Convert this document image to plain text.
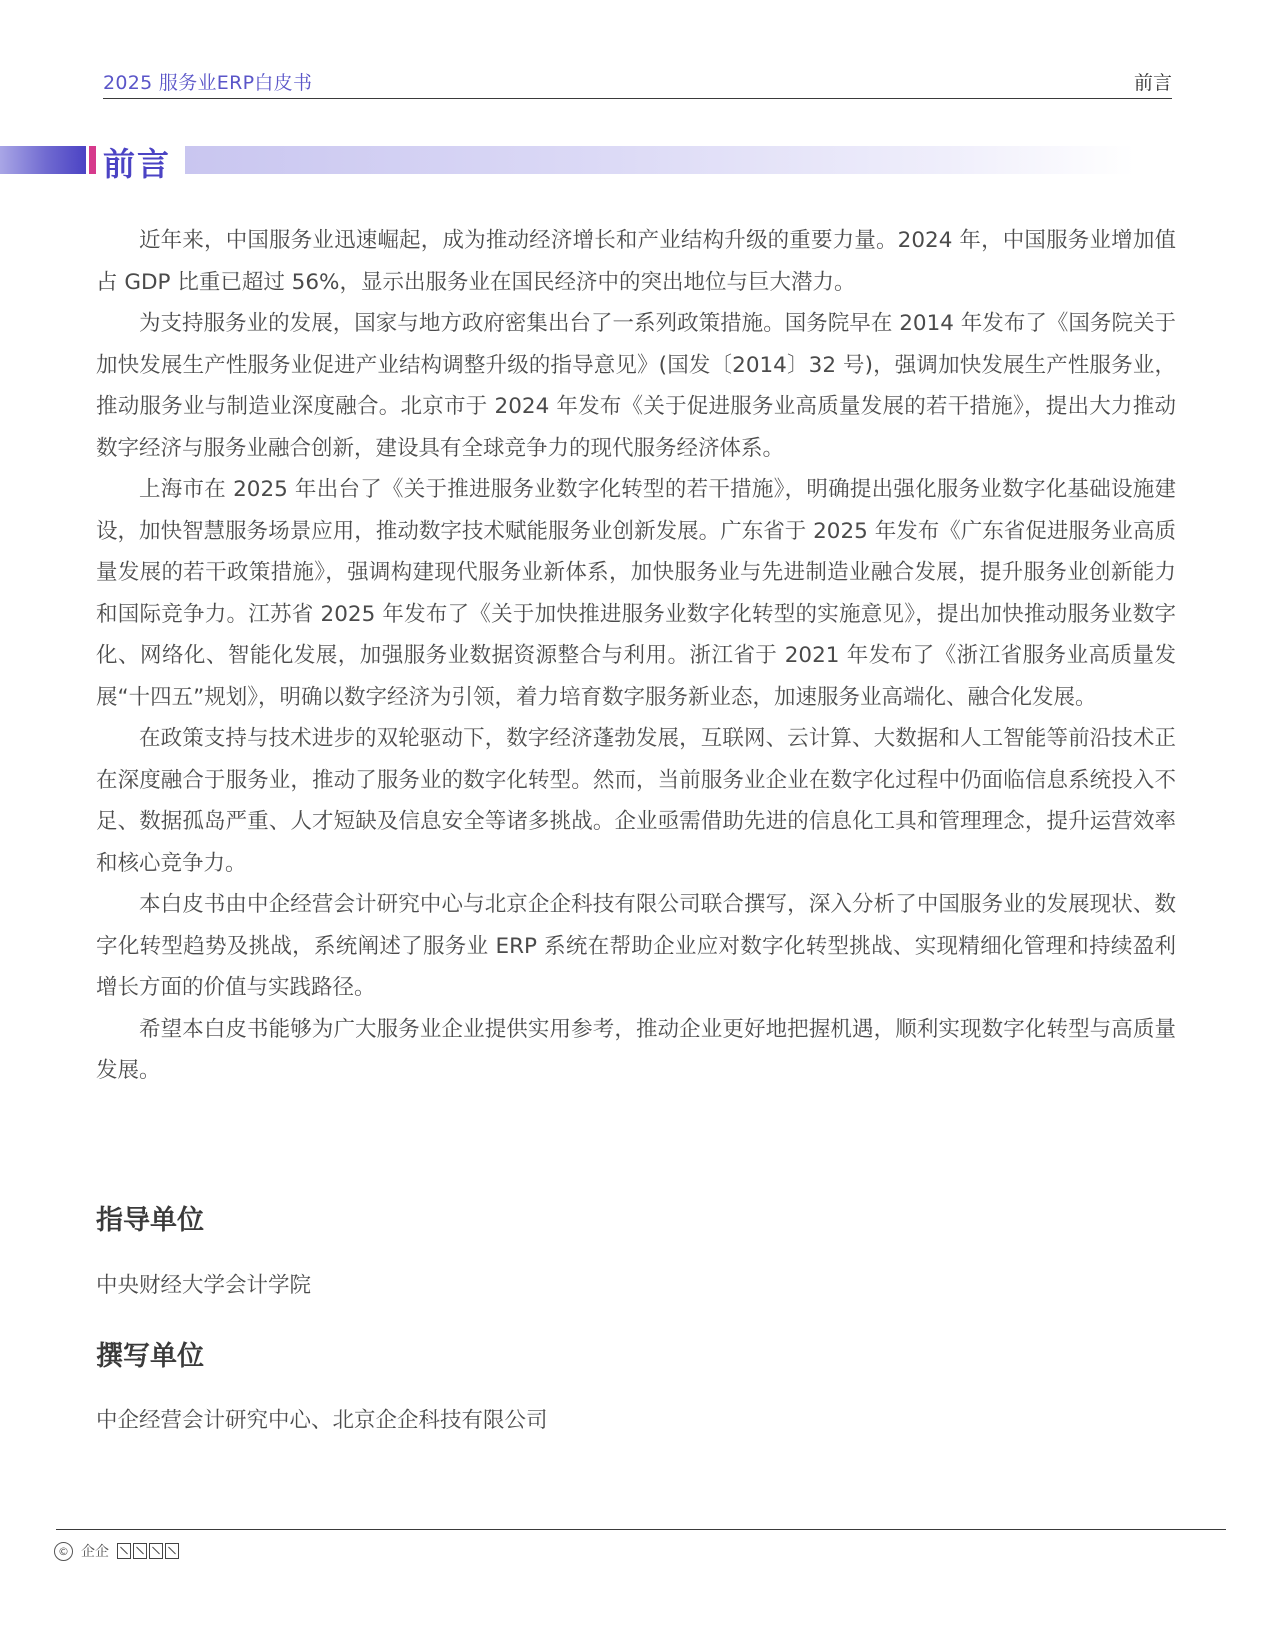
2025 服务业ERP白皮书	前言
前言

近年来，中国服务业迅速崛起，成为推动经济增长和产业结构升级的重要力量。2024 年，中国服务业增加值占 GDP 比重已超过 56%，显示出服务业在国民经济中的突出地位与巨大潜力。

为支持服务业的发展，国家与地方政府密集出台了一系列政策措施。国务院早在 2014 年发布了《国务院关于加快发展生产性服务业促进产业结构调整升级的指导意见》(国发〔2014〕32 号)，强调加快发展生产性服务业，推动服务业与制造业深度融合。北京市于 2024 年发布《关于促进服务业高质量发展的若干措施》，提出大力推动数字经济与服务业融合创新，建设具有全球竞争力的现代服务经济体系。

上海市在 2025 年出台了《关于推进服务业数字化转型的若干措施》，明确提出强化服务业数字化基础设施建设，加快智慧服务场景应用，推动数字技术赋能服务业创新发展。广东省于 2025 年发布《广东省促进服务业高质量发展的若干政策措施》，强调构建现代服务业新体系，加快服务业与先进制造业融合发展，提升服务业创新能力和国际竞争力。江苏省 2025 年发布了《关于加快推进服务业数字化转型的实施意见》，提出加快推动服务业数字化、网络化、智能化发展，加强服务业数据资源整合与利用。浙江省于 2021 年发布了《浙江省服务业高质量发展“十四五”规划》，明确以数字经济为引领，着力培育数字服务新业态，加速服务业高端化、融合化发展。

在政策支持与技术进步的双轮驱动下，数字经济蓬勃发展，互联网、云计算、大数据和人工智能等前沿技术正在深度融合于服务业，推动了服务业的数字化转型。然而，当前服务业企业在数字化过程中仍面临信息系统投入不足、数据孤岛严重、人才短缺及信息安全等诸多挑战。企业亟需借助先进的信息化工具和管理理念，提升运营效率和核心竞争力。

本白皮书由中企经营会计研究中心与北京企企科技有限公司联合撰写，深入分析了中国服务业的发展现状、数字化转型趋势及挑战，系统阐述了服务业 ERP 系统在帮助企业应对数字化转型挑战、实现精细化管理和持续盈利增长方面的价值与实践路径。

希望本白皮书能够为广大服务业企业提供实用参考，推动企业更好地把握机遇，顺利实现数字化转型与高质量发展。

指导单位

中央财经大学会计学院

撰写单位

中企经营会计研究中心、北京企企科技有限公司

© 企企
